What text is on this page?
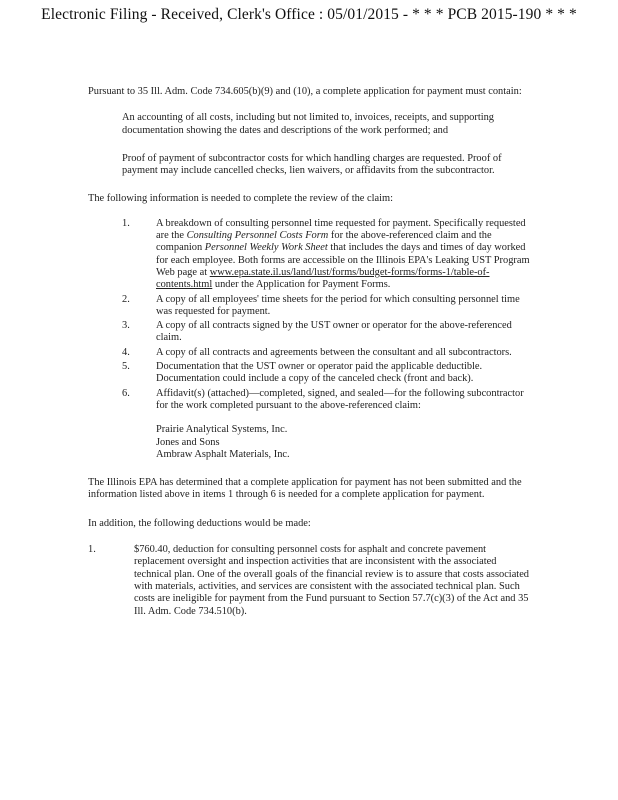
Electronic Filing - Received, Clerk's Office : 05/01/2015 - * * * PCB 2015-190 * * *

Pursuant to 35 Ill. Adm. Code 734.605(b)(9) and (10), a complete application for payment must contain:

An accounting of all costs, including but not limited to, invoices, receipts, and supporting documentation showing the dates and descriptions of the work performed; and

Proof of payment of subcontractor costs for which handling charges are requested. Proof of payment may include cancelled checks, lien waivers, or affidavits from the subcontractor.

The following information is needed to complete the review of the claim:

1.	A breakdown of consulting personnel time requested for payment. Specifically requested are the Consulting Personnel Costs Form for the above-referenced claim and the companion Personnel Weekly Work Sheet that includes the days and times of day worked for each employee. Both forms are accessible on the Illinois EPA's Leaking UST Program Web page at www.epa.state.il.us/land/lust/forms/budget-forms/forms-1/table-of-contents.html under the Application for Payment Forms.
2.	A copy of all employees' time sheets for the period for which consulting personnel time was requested for payment.
3.	A copy of all contracts signed by the UST owner or operator for the above-referenced claim.
4.	A copy of all contracts and agreements between the consultant and all subcontractors.
5.	Documentation that the UST owner or operator paid the applicable deductible. Documentation could include a copy of the canceled check (front and back).
6.	Affidavit(s) (attached)—completed, signed, and sealed—for the following subcontractor for the work completed pursuant to the above-referenced claim:

Prairie Analytical Systems, Inc.

Jones and Sons

Ambraw Asphalt Materials, Inc.

The Illinois EPA has determined that a complete application for payment has not been submitted and the information listed above in items 1 through 6 is needed for a complete application for payment.

In addition, the following deductions would be made:

1.	$760.40, deduction for consulting personnel costs for asphalt and concrete pavement replacement oversight and inspection activities that are inconsistent with the associated technical plan. One of the overall goals of the financial review is to assure that costs associated with materials, activities, and services are consistent with the associated technical plan. Such costs are ineligible for payment from the Fund pursuant to Section 57.7(c)(3) of the Act and 35 Ill. Adm. Code 734.510(b).
